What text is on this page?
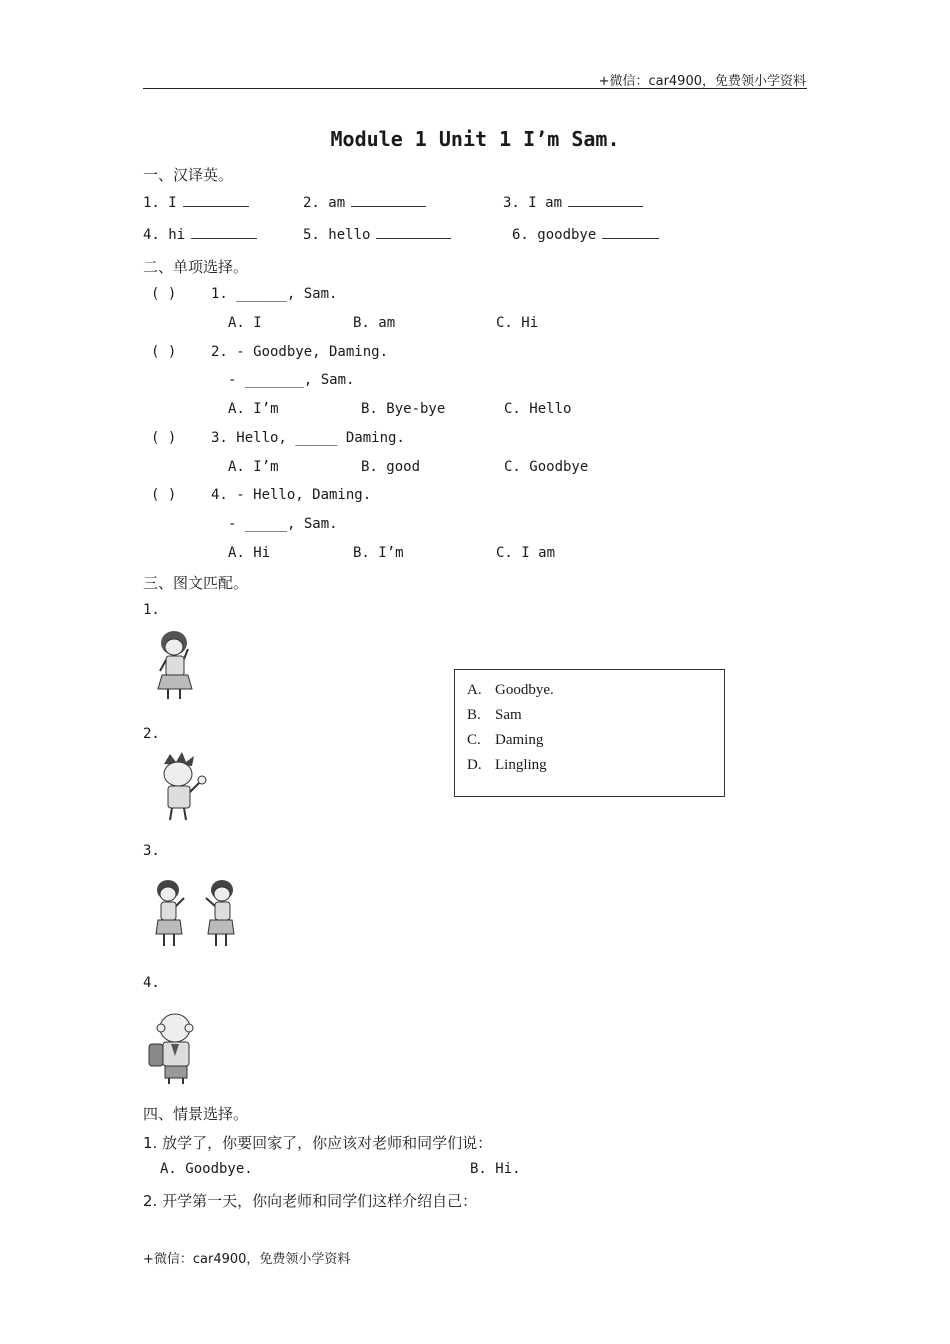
+微信：car4900，免费领小学资料
Module 1 Unit 1 I’m Sam.
一、汉译英。
1. I	2. am	3. I am
4. hi	5. hello	6. goodbye
二、单项选择。
( ) 1. ______, Sam.
A. I	B. am	C. Hi
( ) 2. - Goodbye, Daming.
- _______, Sam.
A. I’m	B. Bye-bye	C. Hello
( ) 3. Hello, _____ Daming.
A. I’m	B. good	C. Goodbye
( ) 4. - Hello, Daming.
- _____, Sam.
A. Hi	B. I’m	C. I am
三、图文匹配。
1.
2.
3.
4.
A. Goodbye.
B. Sam
C. Daming
D. Lingling
四、情景选择。
1. 放学了，你要回家了，你应该对老师和同学们说：
A. Goodbye.	B. Hi.
2. 开学第一天，你向老师和同学们这样介绍自己：
+微信：car4900，免费领小学资料
